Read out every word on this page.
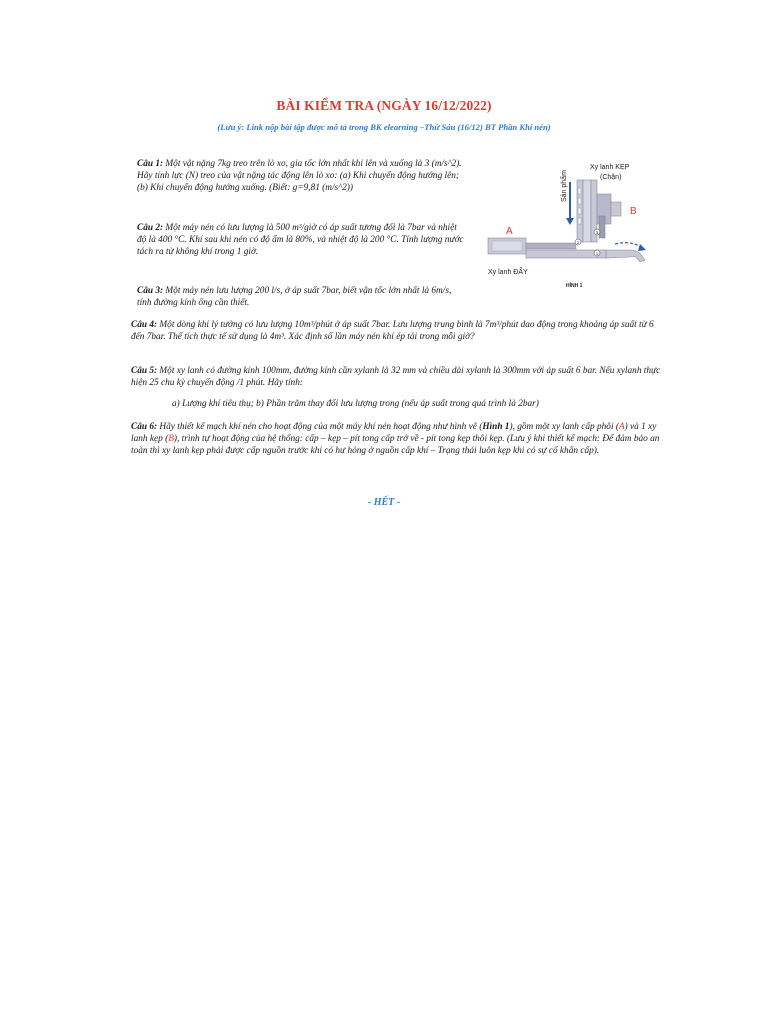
BÀI KIỂM TRA (NGÀY 16/12/2022)
(Lưu ý: Link nộp bài tập được mô tả trong BK elearning –Thứ Sáu (16/12) BT Phần Khí nén)
Câu 1: Một vật nặng 7kg treo trên lò xo, gia tốc lớn nhất khi lên và xuống là 3 (m/s^2). Hãy tính lực (N) treo của vật nặng tác động lên lò xo: (a) Khi chuyển động hướng lên; (b) Khi chuyển động hướng xuống. (Biết: g=9,81 (m/s^2))
Câu 2: Một máy nén có lưu lượng là 500 m³/giờ có áp suất tương đối là 7bar và nhiệt độ là 400 °C. Khí sau khi nén có độ ẩm là 80%, và nhiệt độ là 200 °C. Tính lượng nước tách ra từ không khí trong 1 giờ.
Câu 3: Một máy nén lưu lượng 200 l/s, ở áp suất 7bar, biết vận tốc lớn nhất là 6m/s, tính đường kính ống cần thiết.
2
3
1
Xy lanh KẸP
(Chặn)
Sản phẩm
B
A
Xy lanh ĐẨY
HÌNH 1
Câu 4: Một dòng khí lý tưởng có lưu lượng 10m³/phút ở áp suất 7bar. Lưu lượng trung bình là 7m³/phút dao động trong khoảng áp suất từ 6 đến 7bar. Thể tích thực tế sử dụng là 4m³. Xác định số lần máy nén khí ép tải trong mỗi giờ?
Câu 5: Một xy lanh có đường kính 100mm, đường kính cần xylanh là 32 mm và chiều dài xylanh là 300mm với áp suất 6 bar. Nếu xylanh thực hiện 25 chu kỳ chuyển động /1 phút. Hãy tính:
a) Lượng khí tiêu thụ; b) Phần trăm thay đổi lưu lượng trong (nếu áp suất trong quá trình là 2bar)
Câu 6: Hãy thiết kế mạch khí nén cho hoạt động của một máy khí nén hoạt động như hình vẽ (Hình 1), gồm một xy lanh cấp phôi (A) và 1 xy lanh kẹp (B), trình tự hoạt động của hệ thống: cấp – kẹp – pít tong cấp trở về - pít tong kẹp thôi kẹp. (Lưu ý khi thiết kế mạch: Để đảm bảo an toàn thì xy lanh kẹp phải được cấp nguồn trước khi có hư hỏng ở nguồn cấp khí – Trạng thái luôn kẹp khi có sự cố khẩn cấp).
- HẾT -
